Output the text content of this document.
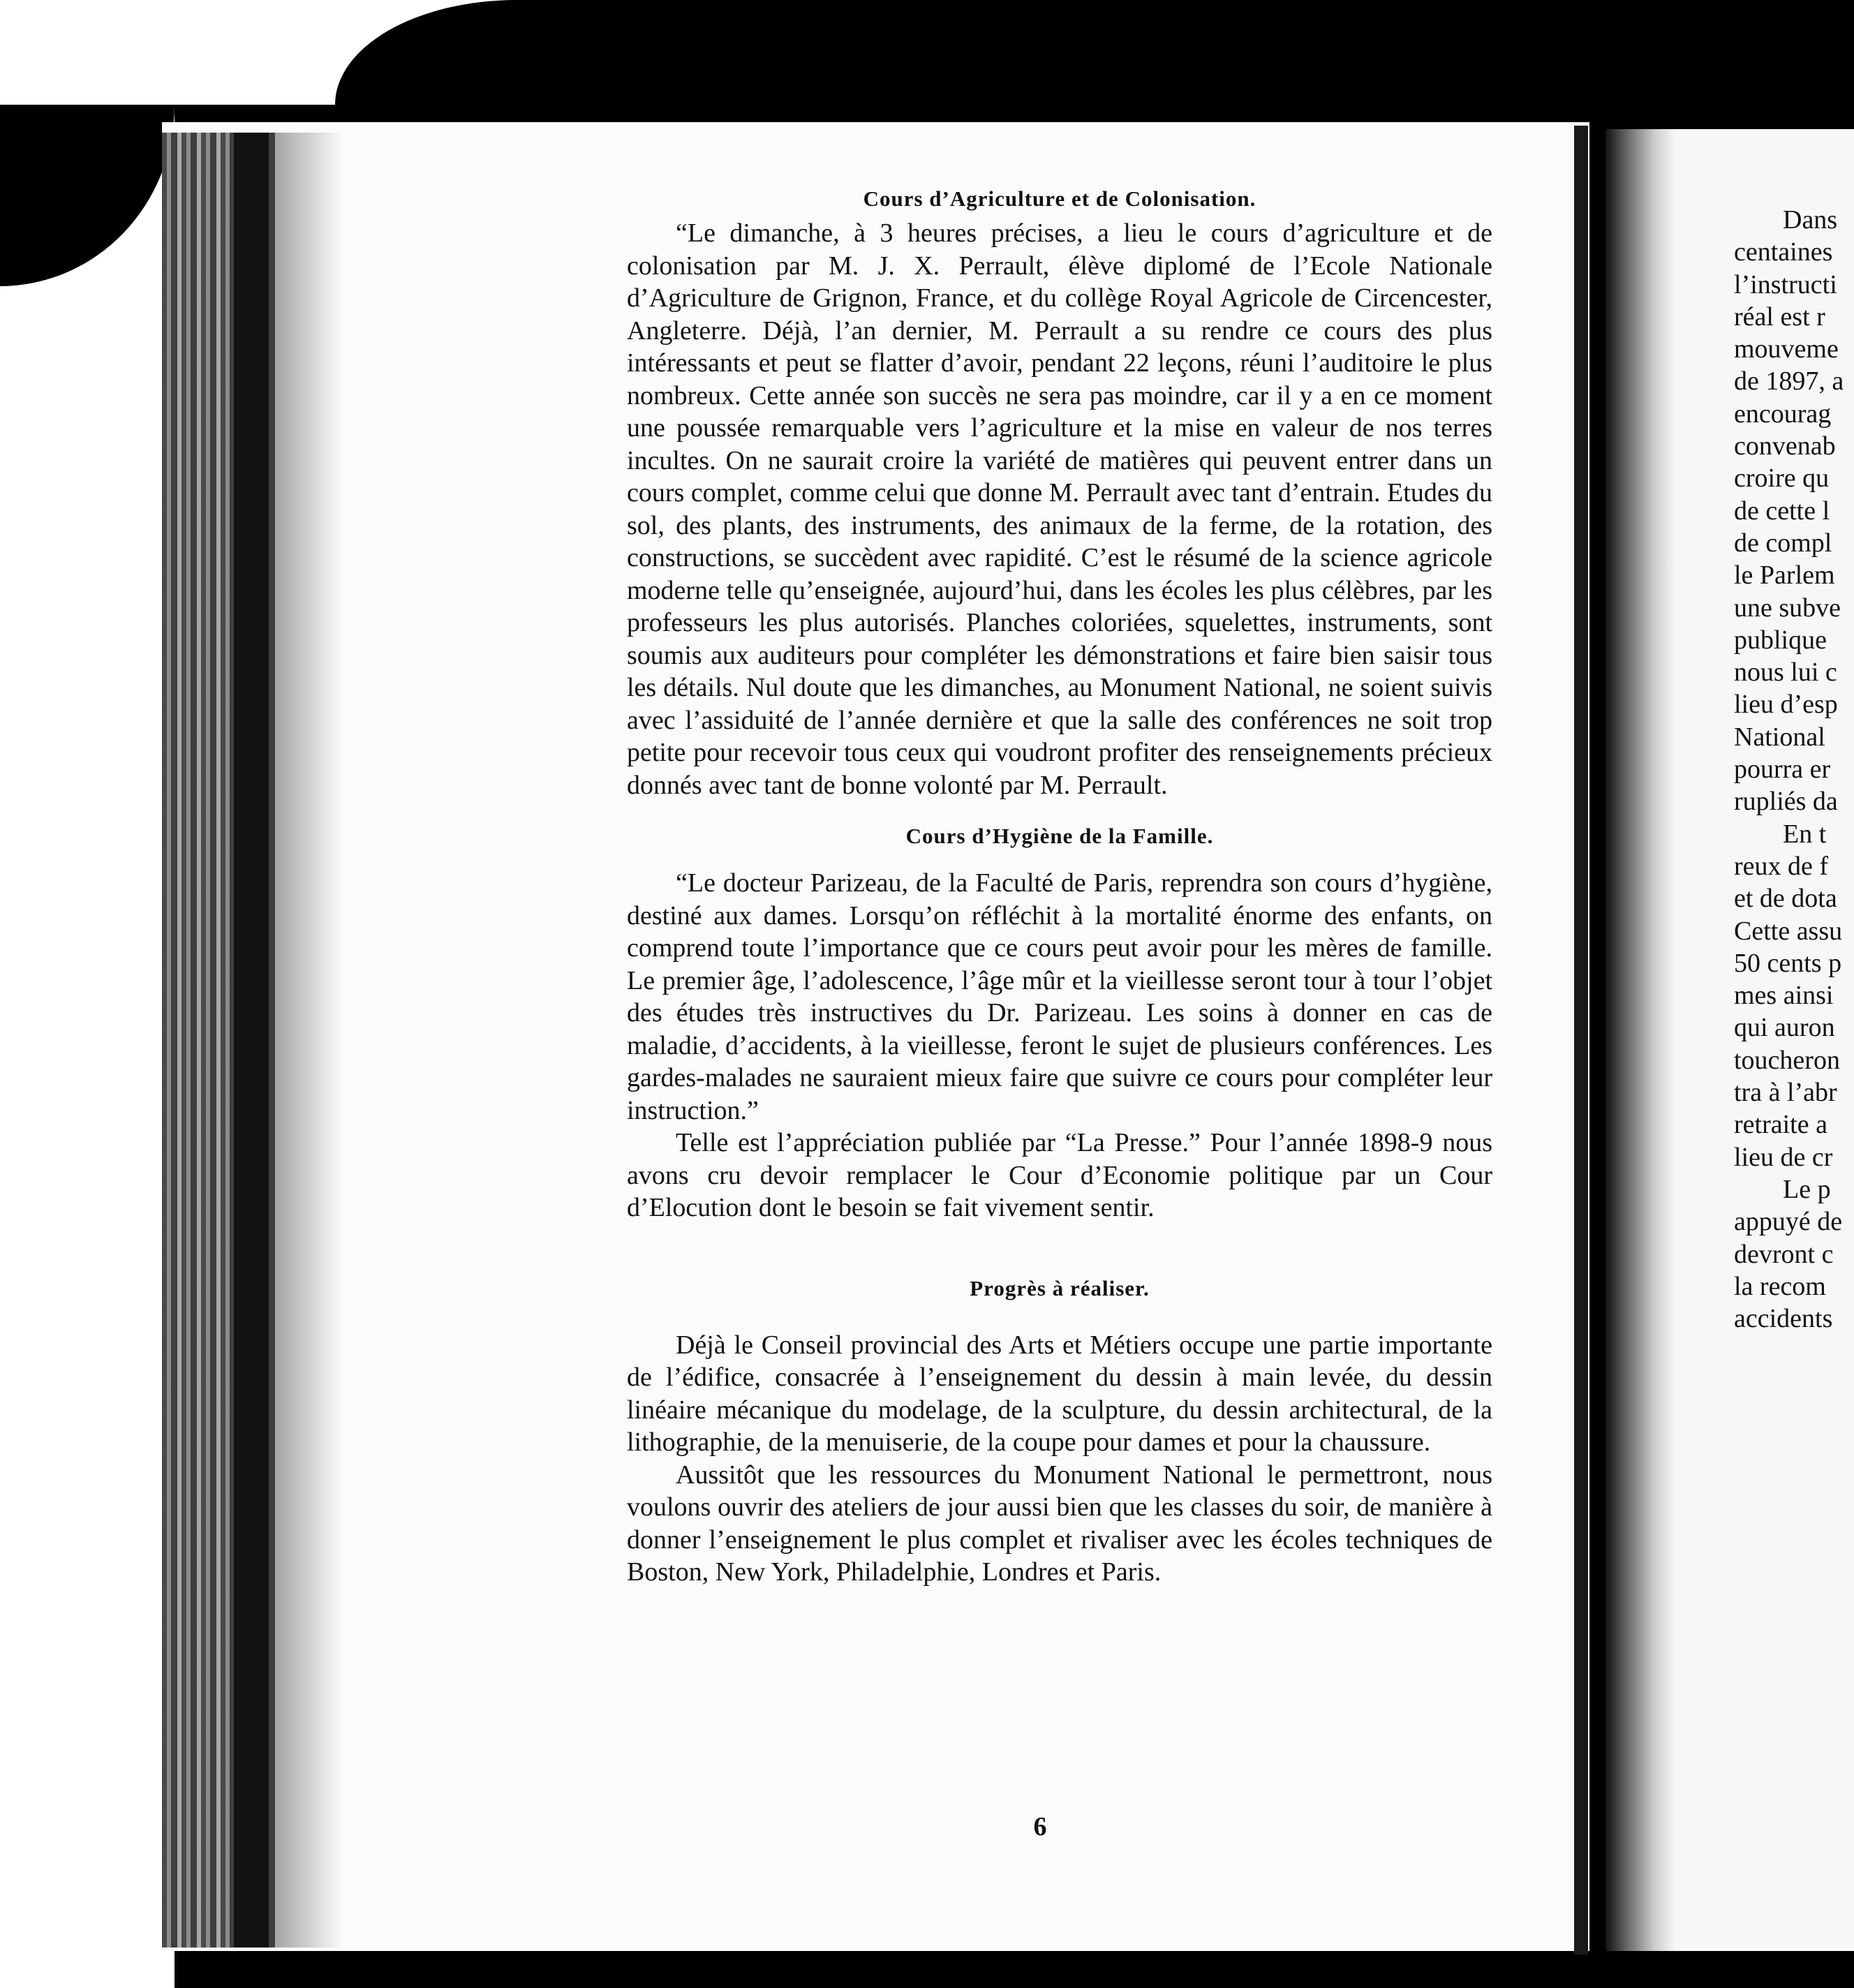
Cours d’Agriculture et de Colonisation.

“Le dimanche, à 3 heures précises, a lieu le cours d’agriculture et de colonisation par M. J. X. Perrault, élève diplomé de l’Ecole Nationale d’Agriculture de Grignon, France, et du collège Royal Agricole de Circencester, Angleterre. Déjà, l’an dernier, M. Perrault a su rendre ce cours des plus intéressants et peut se flatter d’avoir, pendant 22 leçons, réuni l’auditoire le plus nombreux. Cette année son succès ne sera pas moindre, car il y a en ce moment une poussée remarquable vers l’agriculture et la mise en valeur de nos terres incultes. On ne saurait croire la variété de matières qui peuvent entrer dans un cours complet, comme celui que donne M. Perrault avec tant d’entrain. Etudes du sol, des plants, des instruments, des animaux de la ferme, de la rotation, des constructions, se succèdent avec rapidité. C’est le résumé de la science agricole moderne telle qu’enseignée, aujourd’hui, dans les écoles les plus célèbres, par les professeurs les plus autorisés. Planches coloriées, squelettes, instruments, sont soumis aux auditeurs pour compléter les démonstrations et faire bien saisir tous les détails. Nul doute que les dimanches, au Monument National, ne soient suivis avec l’assiduité de l’année dernière et que la salle des conférences ne soit trop petite pour recevoir tous ceux qui voudront profiter des renseignements précieux donnés avec tant de bonne volonté par M. Perrault.

Cours d’Hygiène de la Famille.

“Le docteur Parizeau, de la Faculté de Paris, reprendra son cours d’hygiène, destiné aux dames. Lorsqu’on réfléchit à la mortalité énorme des enfants, on comprend toute l’importance que ce cours peut avoir pour les mères de famille. Le premier âge, l’adolescence, l’âge mûr et la vieillesse seront tour à tour l’objet des études très instructives du Dr. Parizeau. Les soins à donner en cas de maladie, d’accidents, à la vieillesse, feront le sujet de plusieurs conférences. Les gardes-malades ne sauraient mieux faire que suivre ce cours pour compléter leur instruction.”

Telle est l’appréciation publiée par “La Presse.” Pour l’année 1898-9 nous avons cru devoir remplacer le Cour d’Economie politique par un Cour d’Elocution dont le besoin se fait vivement sentir.

Progrès à réaliser.

Déjà le Conseil provincial des Arts et Métiers occupe une partie importante de l’édifice, consacrée à l’enseignement du dessin à main levée, du dessin linéaire mécanique du modelage, de la sculpture, du dessin architectural, de la lithographie, de la menuiserie, de la coupe pour dames et pour la chaussure.

Aussitôt que les ressources du Monument National le permettront, nous voulons ouvrir des ateliers de jour aussi bien que les classes du soir, de manière à donner l’enseignement le plus complet et rivaliser avec les écoles techniques de Boston, New York, Philadelphie, Londres et Paris.

6
Dans
centaines
l’instructi
réal est r
mouveme
de 1897, a
encourag
convenab
croire qu
de cette l
de compl
le Parlem
une subve
publique
nous lui c
lieu d’esp
National
pourra er
rupliés da
En t
reux de f
et de dota
Cette assu
50 cents p
mes ainsi
qui auron
toucheron
tra à l’abr
retraite a
lieu de cr
Le p
appuyé de
devront c
la recom
accidents
